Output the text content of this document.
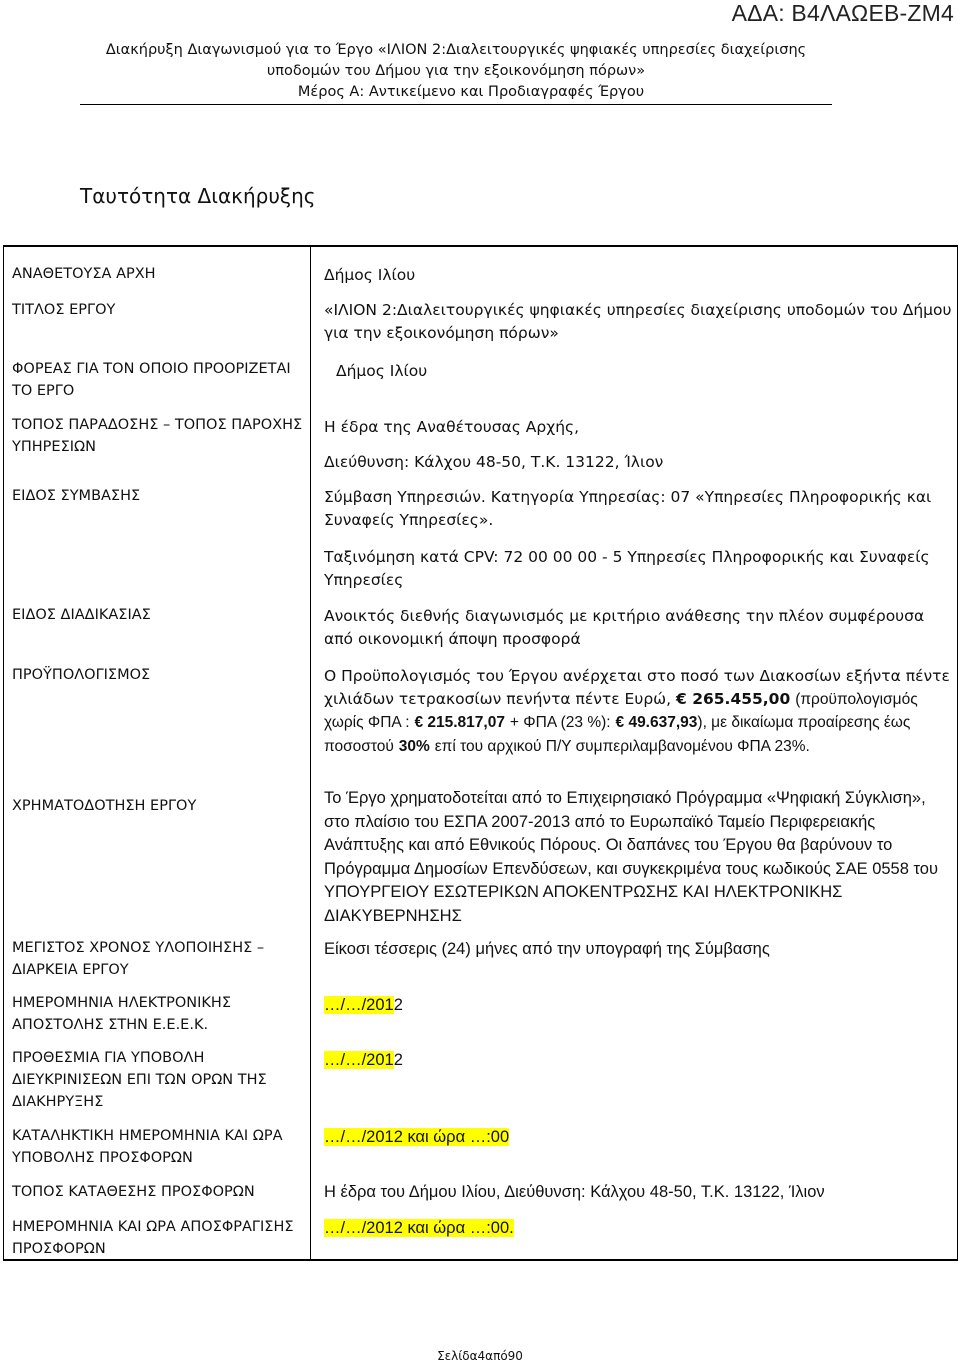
ΑΔΑ: Β4ΛΑΩΕΒ-ΖΜ4
Διακήρυξη Διαγωνισμού για το Έργο «ΙΛΙΟΝ 2:Διαλειτουργικές ψηφιακές υπηρεσίες διαχείρισης
υποδομών του Δήμου για την εξοικονόμηση πόρων»
Μέρος Α: Αντικείμενο και Προδιαγραφές Έργου
Ταυτότητα Διακήρυξης
ΑΝΑΘΕΤΟΥΣΑ ΑΡΧΗ
ΤΙΤΛΟΣ ΕΡΓΟΥ
ΦΟΡΕΑΣ ΓΙΑ ΤΟΝ ΟΠΟΙΟ ΠΡΟΟΡΙΖΕΤΑΙ ΤΟ ΕΡΓΟ
ΤΟΠΟΣ ΠΑΡΑΔΟΣΗΣ – ΤΟΠΟΣ ΠΑΡΟΧΗΣ ΥΠΗΡΕΣΙΩΝ
ΕΙΔΟΣ ΣΥΜΒΑΣΗΣ
ΕΙΔΟΣ ΔΙΑΔΙΚΑΣΙΑΣ
ΠΡΟΫΠΟΛΟΓΙΣΜΟΣ
ΧΡΗΜΑΤΟΔΟΤΗΣΗ ΕΡΓΟΥ
ΜΕΓΙΣΤΟΣ ΧΡΟΝΟΣ ΥΛΟΠΟΙΗΣΗΣ – ΔΙΑΡΚΕΙΑ ΕΡΓΟΥ
ΗΜΕΡΟΜΗΝΙΑ ΗΛΕΚΤΡΟΝΙΚΗΣ ΑΠΟΣΤΟΛΗΣ ΣΤΗΝ Ε.Ε.Ε.Κ.
ΠΡΟΘΕΣΜΙΑ ΓΙΑ ΥΠΟΒΟΛΗ ΔΙΕΥΚΡΙΝΙΣΕΩΝ ΕΠΙ ΤΩΝ ΟΡΩΝ ΤΗΣ ΔΙΑΚΗΡΥΞΗΣ
ΚΑΤΑΛΗΚΤΙΚΗ ΗΜΕΡΟΜΗΝΙΑ ΚΑΙ ΩΡΑ ΥΠΟΒΟΛΗΣ ΠΡΟΣΦΟΡΩΝ
ΤΟΠΟΣ ΚΑΤΑΘΕΣΗΣ ΠΡΟΣΦΟΡΩΝ
ΗΜΕΡΟΜΗΝΙΑ ΚΑΙ ΩΡΑ ΑΠΟΣΦΡΑΓΙΣΗΣ ΠΡΟΣΦΟΡΩΝ
Δήμος Ιλίου
«ΙΛΙΟΝ 2:Διαλειτουργικές ψηφιακές υπηρεσίες διαχείρισης υποδομών του Δήμου για την εξοικονόμηση πόρων»
Δήμος Ιλίου
Η έδρα της Αναθέτουσας Αρχής,
Διεύθυνση: Κάλχου 48-50, Τ.Κ. 13122, Ίλιον
Σύμβαση Υπηρεσιών. Κατηγορία Υπηρεσίας: 07 «Υπηρεσίες Πληροφορικής και Συναφείς Υπηρεσίες».
Ταξινόμηση κατά CPV: 72 00 00 00 - 5 Υπηρεσίες Πληροφορικής και Συναφείς Υπηρεσίες
Ανοικτός διεθνής διαγωνισμός με κριτήριο ανάθεσης την πλέον συμφέρουσα από οικονομική άποψη προσφορά
Ο Προϋπολογισμός του Έργου ανέρχεται στο ποσό των Διακοσίων εξήντα πέντε χιλιάδων τετρακοσίων πενήντα πέντε Ευρώ, € 265.455,00 (προϋπολογισμός χωρίς ΦΠΑ : € 215.817,07 + ΦΠΑ (23 %): € 49.637,93), με δικαίωμα προαίρεσης έως ποσοστού 30% επί του αρχικού Π/Υ συμπεριλαμβανομένου ΦΠΑ 23%.
Το Έργο χρηματοδοτείται από το Επιχειρησιακό Πρόγραμμα «Ψηφιακή Σύγκλιση», στο πλαίσιο του ΕΣΠΑ 2007-2013 από το Ευρωπαϊκό Ταμείο Περιφερειακής Ανάπτυξης και από Εθνικούς Πόρους. Οι δαπάνες του Έργου θα βαρύνουν το Πρόγραμμα Δημοσίων Επενδύσεων, και συγκεκριμένα τους κωδικούς ΣΑΕ 0558 του ΥΠΟΥΡΓΕΙΟΥ ΕΣΩΤΕΡΙΚΩΝ ΑΠΟΚΕΝΤΡΩΣΗΣ ΚΑΙ ΗΛΕΚΤΡΟΝΙΚΗΣ ΔΙΑΚΥΒΕΡΝΗΣΗΣ
Είκοσι τέσσερις (24) μήνες από την υπογραφή της Σύμβασης
…/…/2012
…/…/2012
…/…/2012 και ώρα …:00
Η έδρα του Δήμου Ιλίου, Διεύθυνση: Κάλχου 48-50, Τ.Κ. 13122, Ίλιον
…/…/2012 και ώρα …:00.
Σελίδα4από90
